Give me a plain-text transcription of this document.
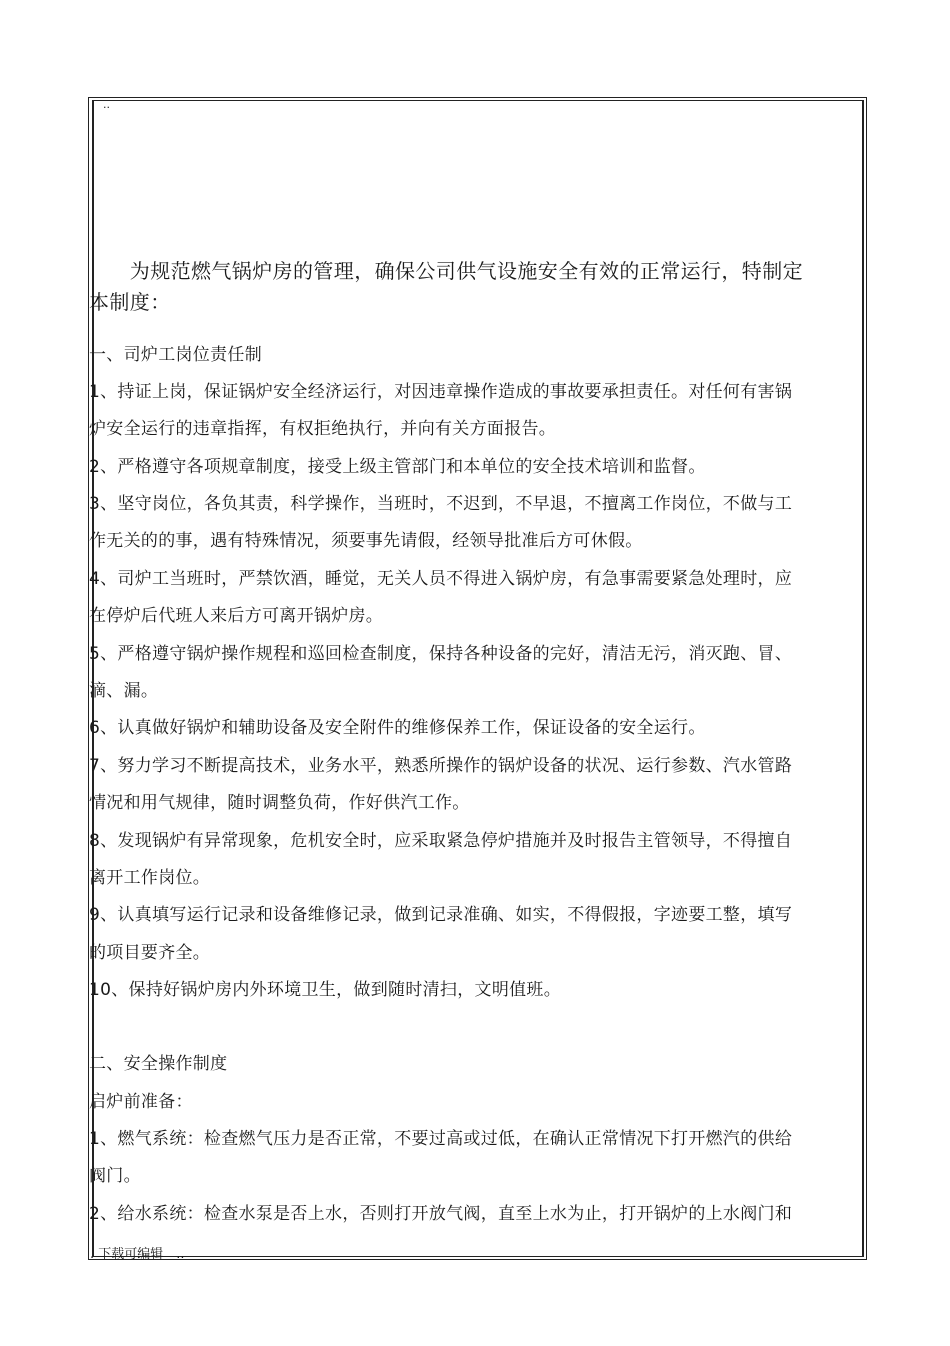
..
　　为规范燃气锅炉房的管理，确保公司供气设施安全有效的正常运行，特制定
本制度：
一、司炉工岗位责任制
1、持证上岗，保证锅炉安全经济运行，对因违章操作造成的事故要承担责任。对任何有害锅
炉安全运行的违章指挥，有权拒绝执行，并向有关方面报告。
2、严格遵守各项规章制度，接受上级主管部门和本单位的安全技术培训和监督。
3、坚守岗位，各负其责，科学操作，当班时，不迟到，不早退，不擅离工作岗位，不做与工
作无关的的事，遇有特殊情况，须要事先请假，经领导批准后方可休假。
4、司炉工当班时，严禁饮酒，睡觉，无关人员不得进入锅炉房，有急事需要紧急处理时，应
在停炉后代班人来后方可离开锅炉房。
5、严格遵守锅炉操作规程和巡回检查制度，保持各种设备的完好，清洁无污，消灭跑、冒、
滴、漏。
6、认真做好锅炉和辅助设备及安全附件的维修保养工作，保证设备的安全运行。
7、努力学习不断提高技术，业务水平，熟悉所操作的锅炉设备的状况、运行参数、汽水管路
情况和用气规律，随时调整负荷，作好供汽工作。
8、发现锅炉有异常现象，危机安全时，应采取紧急停炉措施并及时报告主管领导，不得擅自
离开工作岗位。
9、认真填写运行记录和设备维修记录，做到记录准确、如实，不得假报，字迹要工整，填写
的项目要齐全。
10、保持好锅炉房内外环境卫生，做到随时清扫，文明值班。
二、安全操作制度
启炉前准备：
1、燃气系统：检查燃气压力是否正常，不要过高或过低，在确认正常情况下打开燃汽的供给
阀门。
2、给水系统：检查水泵是否上水，否则打开放气阀，直至上水为止，打开锅炉的上水阀门和
. 下载可编辑　..
